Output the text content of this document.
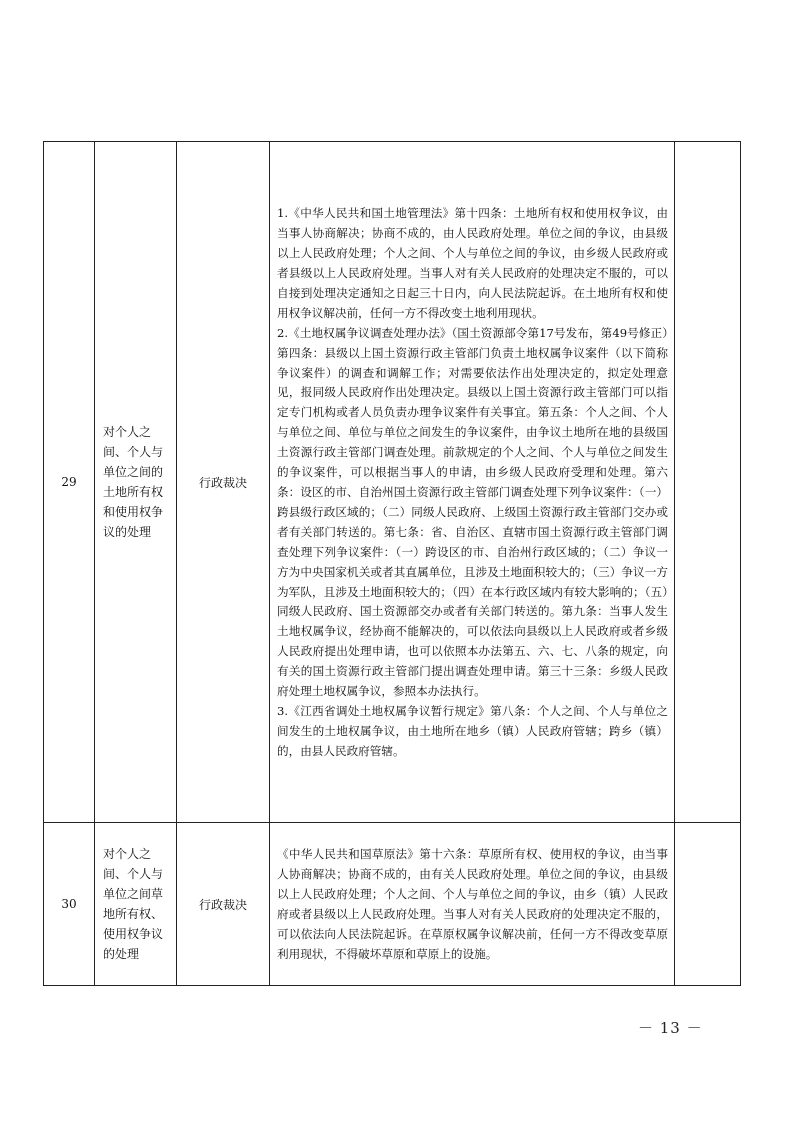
29	对个人之间、个人与单位之间的土地所有权和使用权争议的处理	行政裁决	1.《中华人民共和国土地管理法》第十四条：土地所有权和使用权争议，由当事人协商解决；协商不成的，由人民政府处理。单位之间的争议，由县级以上人民政府处理；个人之间、个人与单位之间的争议，由乡级人民政府或者县级以上人民政府处理。当事人对有关人民政府的处理决定不服的，可以自接到处理决定通知之日起三十日内，向人民法院起诉。在土地所有权和使用权争议解决前，任何一方不得改变土地利用现状。

2.《土地权属争议调查处理办法》（国土资源部令第17号发布，第49号修正）第四条：县级以上国土资源行政主管部门负责土地权属争议案件（以下简称争议案件）的调查和调解工作；对需要依法作出处理决定的，拟定处理意见，报同级人民政府作出处理决定。县级以上国土资源行政主管部门可以指定专门机构或者人员负责办理争议案件有关事宜。第五条：个人之间、个人与单位之间、单位与单位之间发生的争议案件，由争议土地所在地的县级国土资源行政主管部门调查处理。前款规定的个人之间、个人与单位之间发生的争议案件，可以根据当事人的申请，由乡级人民政府受理和处理。第六条：设区的市、自治州国土资源行政主管部门调查处理下列争议案件：（一）跨县级行政区域的；（二）同级人民政府、上级国土资源行政主管部门交办或者有关部门转送的。第七条：省、自治区、直辖市国土资源行政主管部门调查处理下列争议案件：（一）跨设区的市、自治州行政区域的；（二）争议一方为中央国家机关或者其直属单位，且涉及土地面积较大的；（三）争议一方为军队，且涉及土地面积较大的；（四）在本行政区域内有较大影响的；（五）同级人民政府、国土资源部交办或者有关部门转送的。第九条：当事人发生土地权属争议，经协商不能解决的，可以依法向县级以上人民政府或者乡级人民政府提出处理申请，也可以依照本办法第五、六、七、八条的规定，向有关的国土资源行政主管部门提出调查处理申请。第三十三条：乡级人民政府处理土地权属争议，参照本办法执行。

3.《江西省调处土地权属争议暂行规定》第八条：个人之间、个人与单位之间发生的土地权属争议，由土地所在地乡（镇）人民政府管辖；跨乡（镇）的，由县人民政府管辖。	

30	对个人之间、个人与单位之间草地所有权、使用权争议的处理	行政裁决	《中华人民共和国草原法》第十六条：草原所有权、使用权的争议，由当事人协商解决；协商不成的，由有关人民政府处理。单位之间的争议，由县级以上人民政府处理；个人之间、个人与单位之间的争议，由乡（镇）人民政府或者县级以上人民政府处理。当事人对有关人民政府的处理决定不服的，可以依法向人民法院起诉。在草原权属争议解决前，任何一方不得改变草原利用现状，不得破坏草原和草原上的设施。	

－ 13 －
